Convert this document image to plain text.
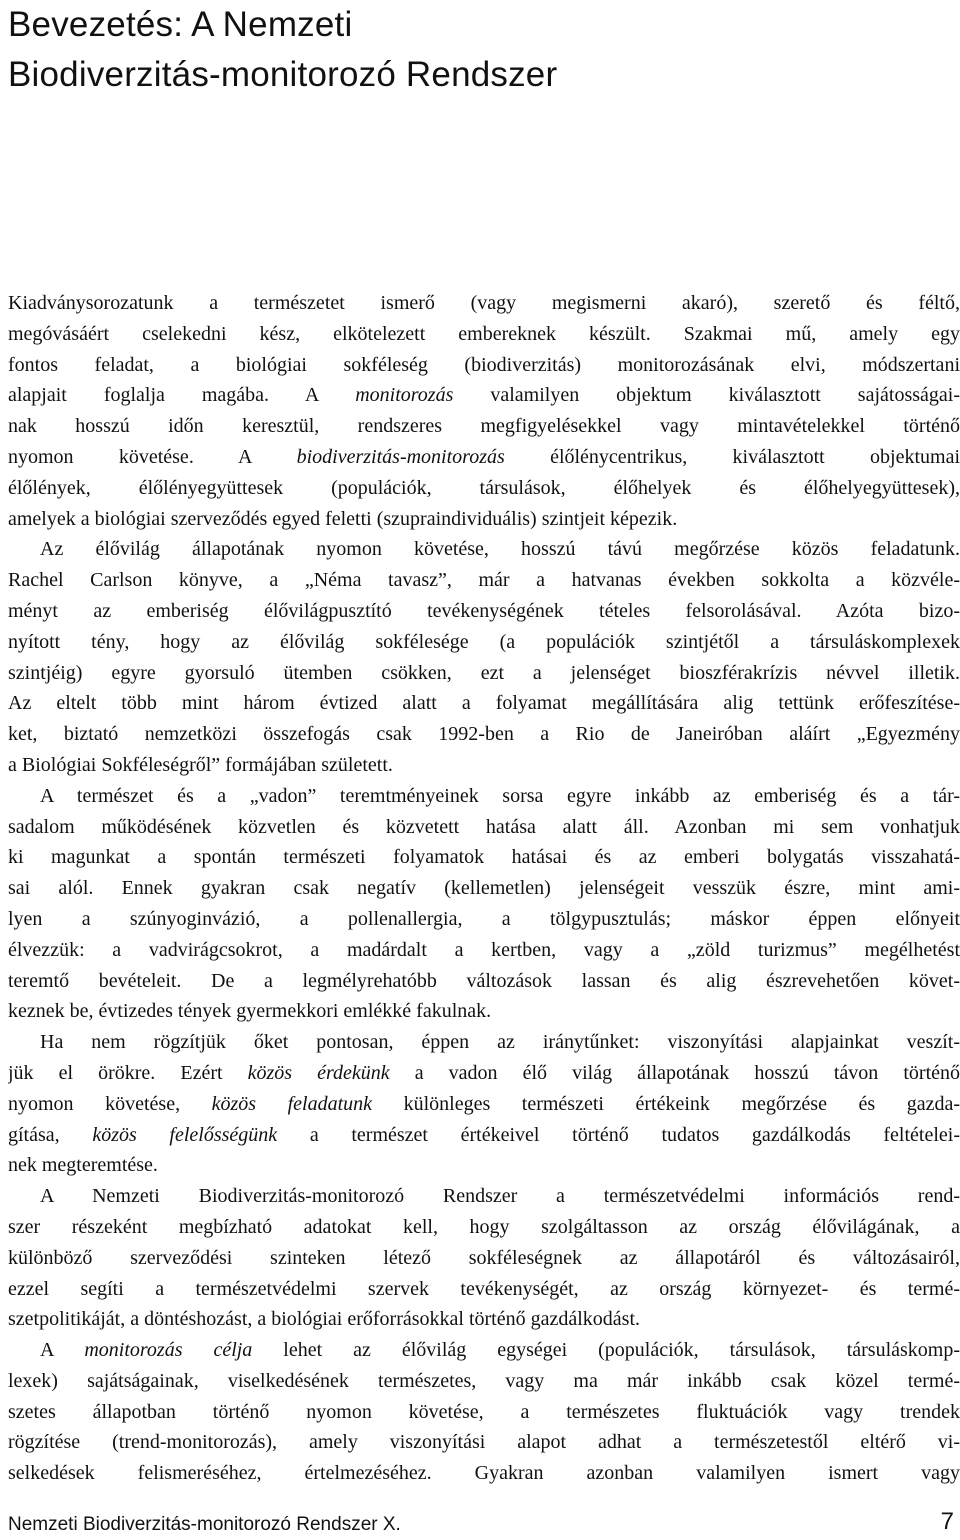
Bevezetés: A Nemzeti
Biodiverzitás-monitorozó Rendszer
Kiadványsorozatunk a természetet ismerő (vagy megismerni akaró), szerető és féltő,
megóvásáért cselekedni kész, elkötelezett embereknek készült. Szakmai mű, amely egy
fontos feladat, a biológiai sokféleség (biodiverzitás) monitorozásának elvi, módszertani
alapjait foglalja magába. A monitorozás valamilyen objektum kiválasztott sajátosságai-
nak hosszú időn keresztül, rendszeres megfigyelésekkel vagy mintavételekkel történő
nyomon követése. A biodiverzitás-monitorozás élőlénycentrikus, kiválasztott objektumai
élőlények, élőlényegyüttesek (populációk, társulások, élőhelyek és élőhelyegyüttesek),
amelyek a biológiai szerveződés egyed feletti (szupraindividuális) szintjeit képezik.
Az élővilág állapotának nyomon követése, hosszú távú megőrzése közös feladatunk.
Rachel Carlson könyve, a „Néma tavasz”, már a hatvanas években sokkolta a közvéle-
ményt az emberiség élővilágpusztító tevékenységének tételes felsorolásával. Azóta bizo-
nyított tény, hogy az élővilág sokfélesége (a populációk szintjétől a társuláskomplexek
szintjéig) egyre gyorsuló ütemben csökken, ezt a jelenséget bioszférakrízis névvel illetik.
Az eltelt több mint három évtized alatt a folyamat megállítására alig tettünk erőfeszítése-
ket, biztató nemzetközi összefogás csak 1992-ben a Rio de Janeiróban aláírt „Egyezmény
a Biológiai Sokféleségről” formájában született.
A természet és a „vadon” teremtményeinek sorsa egyre inkább az emberiség és a tár-
sadalom működésének közvetlen és közvetett hatása alatt áll. Azonban mi sem vonhatjuk
ki magunkat a spontán természeti folyamatok hatásai és az emberi bolygatás visszahatá-
sai alól. Ennek gyakran csak negatív (kellemetlen) jelenségeit vesszük észre, mint ami-
lyen a szúnyoginvázió, a pollenallergia, a tölgypusztulás; máskor éppen előnyeit
élvezzük: a vadvirágcsokrot, a madárdalt a kertben, vagy a „zöld turizmus” megélhetést
teremtő bevételeit. De a legmélyrehatóbb változások lassan és alig észrevehetően követ-
keznek be, évtizedes tények gyermekkori emlékké fakulnak.
Ha nem rögzítjük őket pontosan, éppen az iránytűnket: viszonyítási alapjainkat veszít-
jük el örökre. Ezért közös érdekünk a vadon élő világ állapotának hosszú távon történő
nyomon követése, közös feladatunk különleges természeti értékeink megőrzése és gazda-
gítása, közös felelősségünk a természet értékeivel történő tudatos gazdálkodás feltételei-
nek megteremtése.
A Nemzeti Biodiverzitás-monitorozó Rendszer a természetvédelmi információs rend-
szer részeként megbízható adatokat kell, hogy szolgáltasson az ország élővilágának, a
különböző szerveződési szinteken létező sokféleségnek az állapotáról és változásairól,
ezzel segíti a természetvédelmi szervek tevékenységét, az ország környezet- és termé-
szetpolitikáját, a döntéshozást, a biológiai erőforrásokkal történő gazdálkodást.
A monitorozás célja lehet az élővilág egységei (populációk, társulások, társuláskomp-
lexek) sajátságainak, viselkedésének természetes, vagy ma már inkább csak közel termé-
szetes állapotban történő nyomon követése, a természetes fluktuációk vagy trendek
rögzítése (trend-monitorozás), amely viszonyítási alapot adhat a természetestől eltérő vi-
selkedések felismeréséhez, értelmezéséhez. Gyakran azonban valamilyen ismert vagy
Nemzeti Biodiverzitás-monitorozó Rendszer X.	7
